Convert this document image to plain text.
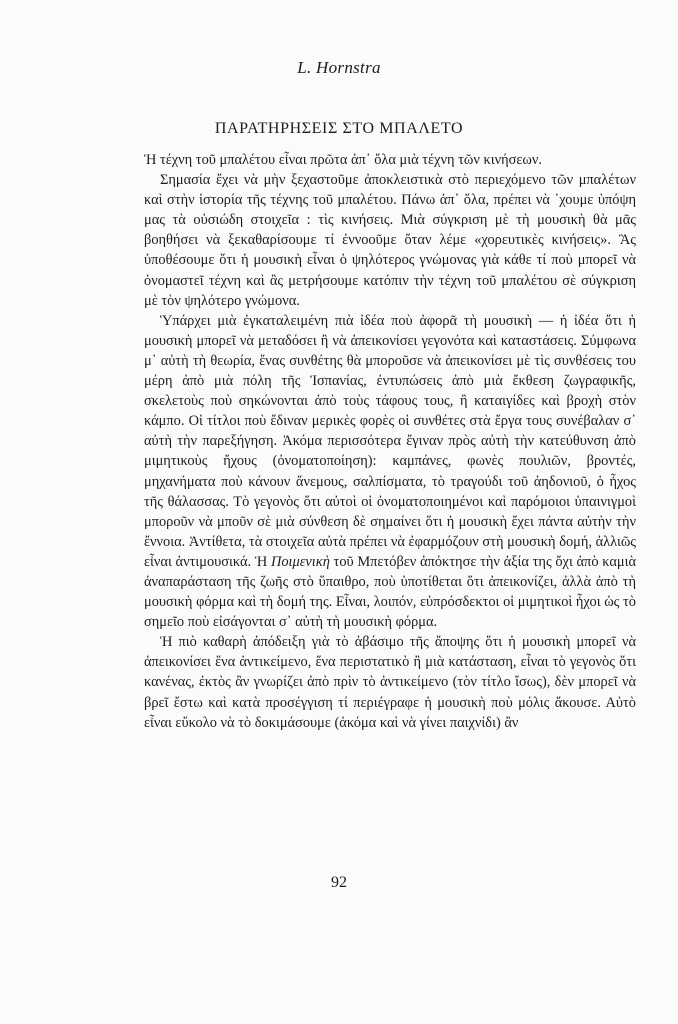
L. Hornstra
ΠΑΡΑΤΗΡΗΣΕΙΣ ΣΤΟ ΜΠΑΛΕΤΟ

Ἡ τέχνη τοῦ μπαλέτου εἶναι πρῶτα ἀπ᾽ ὅλα μιὰ τέχνη τῶν κινήσεων.

Σημασία ἔχει νὰ μὴν ξεχαστοῦμε ἀποκλειστικὰ στὸ περιεχόμενο τῶν μπαλέτων καὶ στὴν ἱστορία τῆς τέχνης τοῦ μπαλέτου. Πάνω ἀπ᾽ ὅλα, πρέπει νὰ ᾽χουμε ὑπόψη μας τὰ οὐσιώδη στοιχεῖα : τὶς κινήσεις. Μιὰ σύγκριση μὲ τὴ μουσικὴ θὰ μᾶς βοηθήσει νὰ ξεκαθαρίσουμε τί ἐννοοῦμε ὅταν λέμε «χορευτικὲς κινήσεις». Ἂς ὑποθέσουμε ὅτι ἡ μουσικὴ εἶναι ὁ ψηλότερος γνώμονας γιὰ κάθε τί ποὺ μπορεῖ νὰ ὀνομαστεῖ τέχνη καὶ ἂς μετρήσουμε κατόπιν τὴν τέχνη τοῦ μπαλέτου σὲ σύγκριση μὲ τὸν ψηλότερο γνώμονα.

Ὑπάρχει μιὰ ἐγκαταλειμένη πιὰ ἰδέα ποὺ ἀφορᾶ τὴ μουσικὴ — ἡ ἰδέα ὅτι ἡ μουσικὴ μπορεῖ νὰ μεταδόσει ἢ νὰ ἀπεικονίσει γεγονότα καὶ καταστάσεις. Σύμφωνα μ᾽ αὐτὴ τὴ θεωρία, ἕνας συνθέτης θὰ μποροῦσε νὰ ἀπεικονίσει μὲ τὶς συνθέσεις του μέρη ἀπὸ μιὰ πόλη τῆς Ἱσπανίας, ἐντυπώσεις ἀπὸ μιὰ ἔκθεση ζωγραφικῆς, σκελετοὺς ποὺ σηκώνονται ἀπὸ τοὺς τάφους τους, ἢ καταιγίδες καὶ βροχὴ στὸν κάμπο. Οἱ τίτλοι ποὺ ἔδιναν μερικὲς φορὲς οἱ συνθέτες στὰ ἔργα τους συνέβαλαν σ᾽ αὐτὴ τὴν παρεξήγηση. Ἀκόμα περισσότερα ἔγιναν πρὸς αὐτὴ τὴν κατεύθυνση ἀπὸ μιμητικοὺς ἤχους (ὀνοματοποίηση): καμπάνες, φωνὲς πουλιῶν, βροντές, μηχανήματα ποὺ κάνουν ἄνεμους, σαλπίσματα, τὸ τραγούδι τοῦ ἀηδονιοῦ, ὁ ἦχος τῆς θάλασσας. Τὸ γεγονὸς ὅτι αὐτοὶ οἱ ὀνοματοποιημένοι καὶ παρόμοιοι ὑπαινιγμοὶ μποροῦν νὰ μποῦν σὲ μιὰ σύνθεση δὲ σημαίνει ὅτι ἡ μουσικὴ ἔχει πάντα αὐτὴν τὴν ἔννοια. Ἀντίθετα, τὰ στοιχεῖα αὐτὰ πρέπει νὰ ἐφαρμόζουν στὴ μουσικὴ δομή, ἀλλιῶς εἶναι ἀντιμουσικά. Ἡ Ποιμενικὴ τοῦ Μπετόβεν ἀπόκτησε τὴν ἀξία της ὄχι ἀπὸ καμιὰ ἀναπαράσταση τῆς ζωῆς στὸ ὕπαιθρο, ποὺ ὑποτίθεται ὅτι ἀπεικονίζει, ἀλλὰ ἀπὸ τὴ μουσικὴ φόρμα καὶ τὴ δομή της. Εἶναι, λοιπόν, εὐπρόσδεκτοι οἱ μιμητικοὶ ἦχοι ὡς τὸ σημεῖο ποὺ εἰσάγονται σ᾽ αὐτὴ τὴ μουσικὴ φόρμα.

Ἡ πιὸ καθαρὴ ἀπόδειξη γιὰ τὸ ἀβάσιμο τῆς ἄποψης ὅτι ἡ μουσικὴ μπορεῖ νὰ ἀπεικονίσει ἕνα ἀντικείμενο, ἕνα περιστατικὸ ἢ μιὰ κατάσταση, εἶναι τὸ γεγονὸς ὅτι κανένας, ἐκτὸς ἂν γνωρίζει ἀπὸ πρὶν τὸ ἀντικείμενο (τὸν τίτλο ἴσως), δὲν μπορεῖ νὰ βρεῖ ἔστω καὶ κατὰ προσέγγιση τί περιέγραφε ἡ μουσικὴ ποὺ μόλις ἄκουσε. Αὐτὸ εἶναι εὔκολο νὰ τὸ δοκιμάσουμε (ἀκόμα καὶ νὰ γίνει παιχνίδι) ἂν

92
